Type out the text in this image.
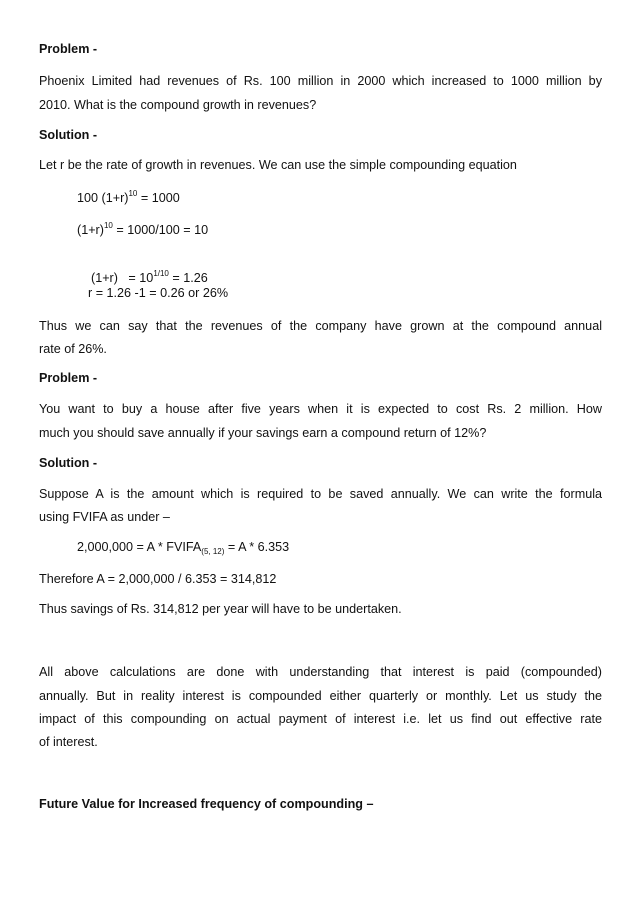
Problem -
Phoenix Limited had revenues of Rs. 100 million in 2000 which increased to 1000 million by
2010. What is the compound growth in revenues?
Solution -
Let r be the rate of growth in revenues. We can use the simple compounding equation
100 $(1+r)^{10} = 1000$
$(1+r)^{10} = 1000/100 = 10$

$(1+r) = 10^{1/10} = 1.26$

r = 1.26 -1 = 0.26 or 26%
Thus we can say that the revenues of the company have grown at the compound annual
rate of 26%.
Problem -
You want to buy a house after five years when it is expected to cost Rs. 2 million. How
much you should save annually if your savings earn a compound return of 12%?
Solution -
Suppose A is the amount which is required to be saved annually. We can write the formula
using FVIFA as under –
$2,000,000 = A * FVIFA_{(5, 12)} = A * 6.353$
Therefore A = 2,000,000 / 6.353 = 314,812
Thus savings of Rs. 314,812 per year will have to be undertaken.
All above calculations are done with understanding that interest is paid (compounded)
annually. But in reality interest is compounded either quarterly or monthly. Let us study the
impact of this compounding on actual payment of interest i.e. let us find out effective rate
of interest.
Future Value for Increased frequency of compounding –
